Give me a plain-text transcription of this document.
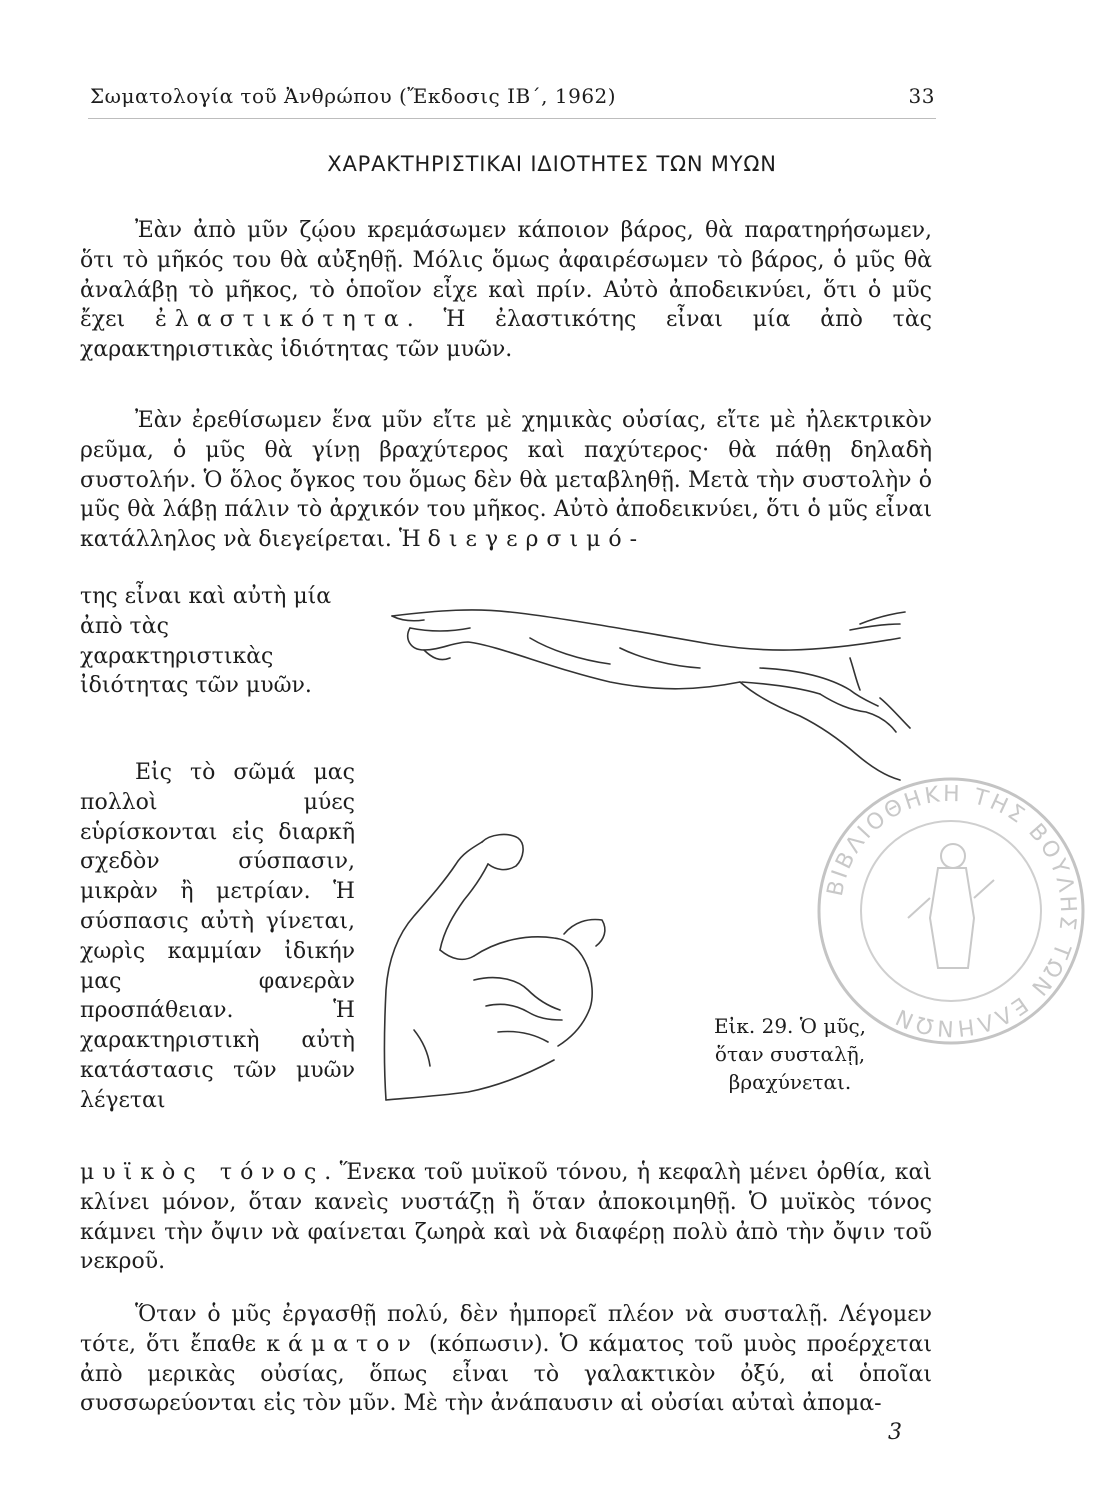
Σωματολογία τοῦ Ἀνθρώπου (Ἔκδοσις ΙΒ΄, 1962)	33
ΧΑΡΑΚΤΗΡΙΣΤΙΚΑΙ ΙΔΙΟΤΗΤΕΣ ΤΩΝ ΜΥΩΝ

Ἐὰν ἀπὸ μῦν ζῴου κρεμάσωμεν κάποιον βάρος, θὰ παρατηρήσωμεν, ὅτι τὸ μῆκός του θὰ αὐξηθῇ. Μόλις ὅμως ἀφαιρέσωμεν τὸ βάρος, ὁ μῦς θὰ ἀναλάβῃ τὸ μῆκος, τὸ ὁποῖον εἶχε καὶ πρίν. Αὐτὸ ἀποδεικνύει, ὅτι ὁ μῦς ἔχει ἐλαστικότητα. Ἡ ἐλαστικότης εἶναι μία ἀπὸ τὰς χαρακτηριστικὰς ἰδιότητας τῶν μυῶν.

Ἐὰν ἐρεθίσωμεν ἕνα μῦν εἴτε μὲ χημικὰς οὐσίας, εἴτε μὲ ἠλεκτρικὸν ρεῦμα, ὁ μῦς θὰ γίνῃ βραχύτερος καὶ παχύτερος· θὰ πάθῃ δηλαδὴ συστολήν. Ὁ ὅλος ὄγκος του ὅμως δὲν θὰ μεταβληθῇ. Μετὰ τὴν συστολὴν ὁ μῦς θὰ λάβῃ πάλιν τὸ ἀρχικόν του μῆκος. Αὐτὸ ἀποδεικνύει, ὅτι ὁ μῦς εἶναι κατάλληλος νὰ διεγείρεται. Ἡ διεγερσιμό-

της εἶναι καὶ αὐτὴ μία ἀπὸ τὰς χαρακτηριστικὰς ἰδιότητας τῶν μυῶν.
Εἰς τὸ σῶμά μας πολλοὶ μύες εὑρίσκονται εἰς διαρκῆ σχεδὸν σύσπασιν, μικρὰν ἢ μετρίαν. Ἡ σύσπασις αὐτὴ γίνεται, χωρὶς καμμίαν ἰδικήν μας φανερὰν προσπάθειαν. Ἡ χαρακτηριστικὴ αὐτὴ κατάστασις τῶν μυῶν λέγεται
μυϊκὸς τόνος. Ἕνεκα τοῦ μυϊκοῦ τόνου, ἡ κεφαλὴ μένει ὀρθία, καὶ κλίνει μόνον, ὅταν κανεὶς νυστάζῃ ἢ ὅταν ἀποκοιμηθῇ. Ὁ μυϊκὸς τόνος κάμνει τὴν ὄψιν νὰ φαίνεται ζωηρὰ καὶ νὰ διαφέρῃ πολὺ ἀπὸ τὴν ὄψιν τοῦ νεκροῦ.

Ὅταν ὁ μῦς ἐργασθῇ πολύ, δὲν ἠμπορεῖ πλέον νὰ συσταλῇ. Λέγομεν τότε, ὅτι ἔπαθε κάματον (κόπωσιν). Ὁ κάματος τοῦ μυὸς προέρχεται ἀπὸ μερικὰς οὐσίας, ὅπως εἶναι τὸ γαλακτικὸν ὀξύ, αἱ ὁποῖαι συσσωρεύονται εἰς τὸν μῦν. Μὲ τὴν ἀνάπαυσιν αἱ οὐσίαι αὐταὶ ἀπομα-

Εἰκ. 29. Ὁ μῦς,
ὅταν συσταλῇ,
βραχύνεται.
ΒΙΒΛΙΟΘΗΚΗ ΤΗΣ ΒΟΥΛΗΣ ΤΩΝ ΕΛΛΗΝΩΝ
3
